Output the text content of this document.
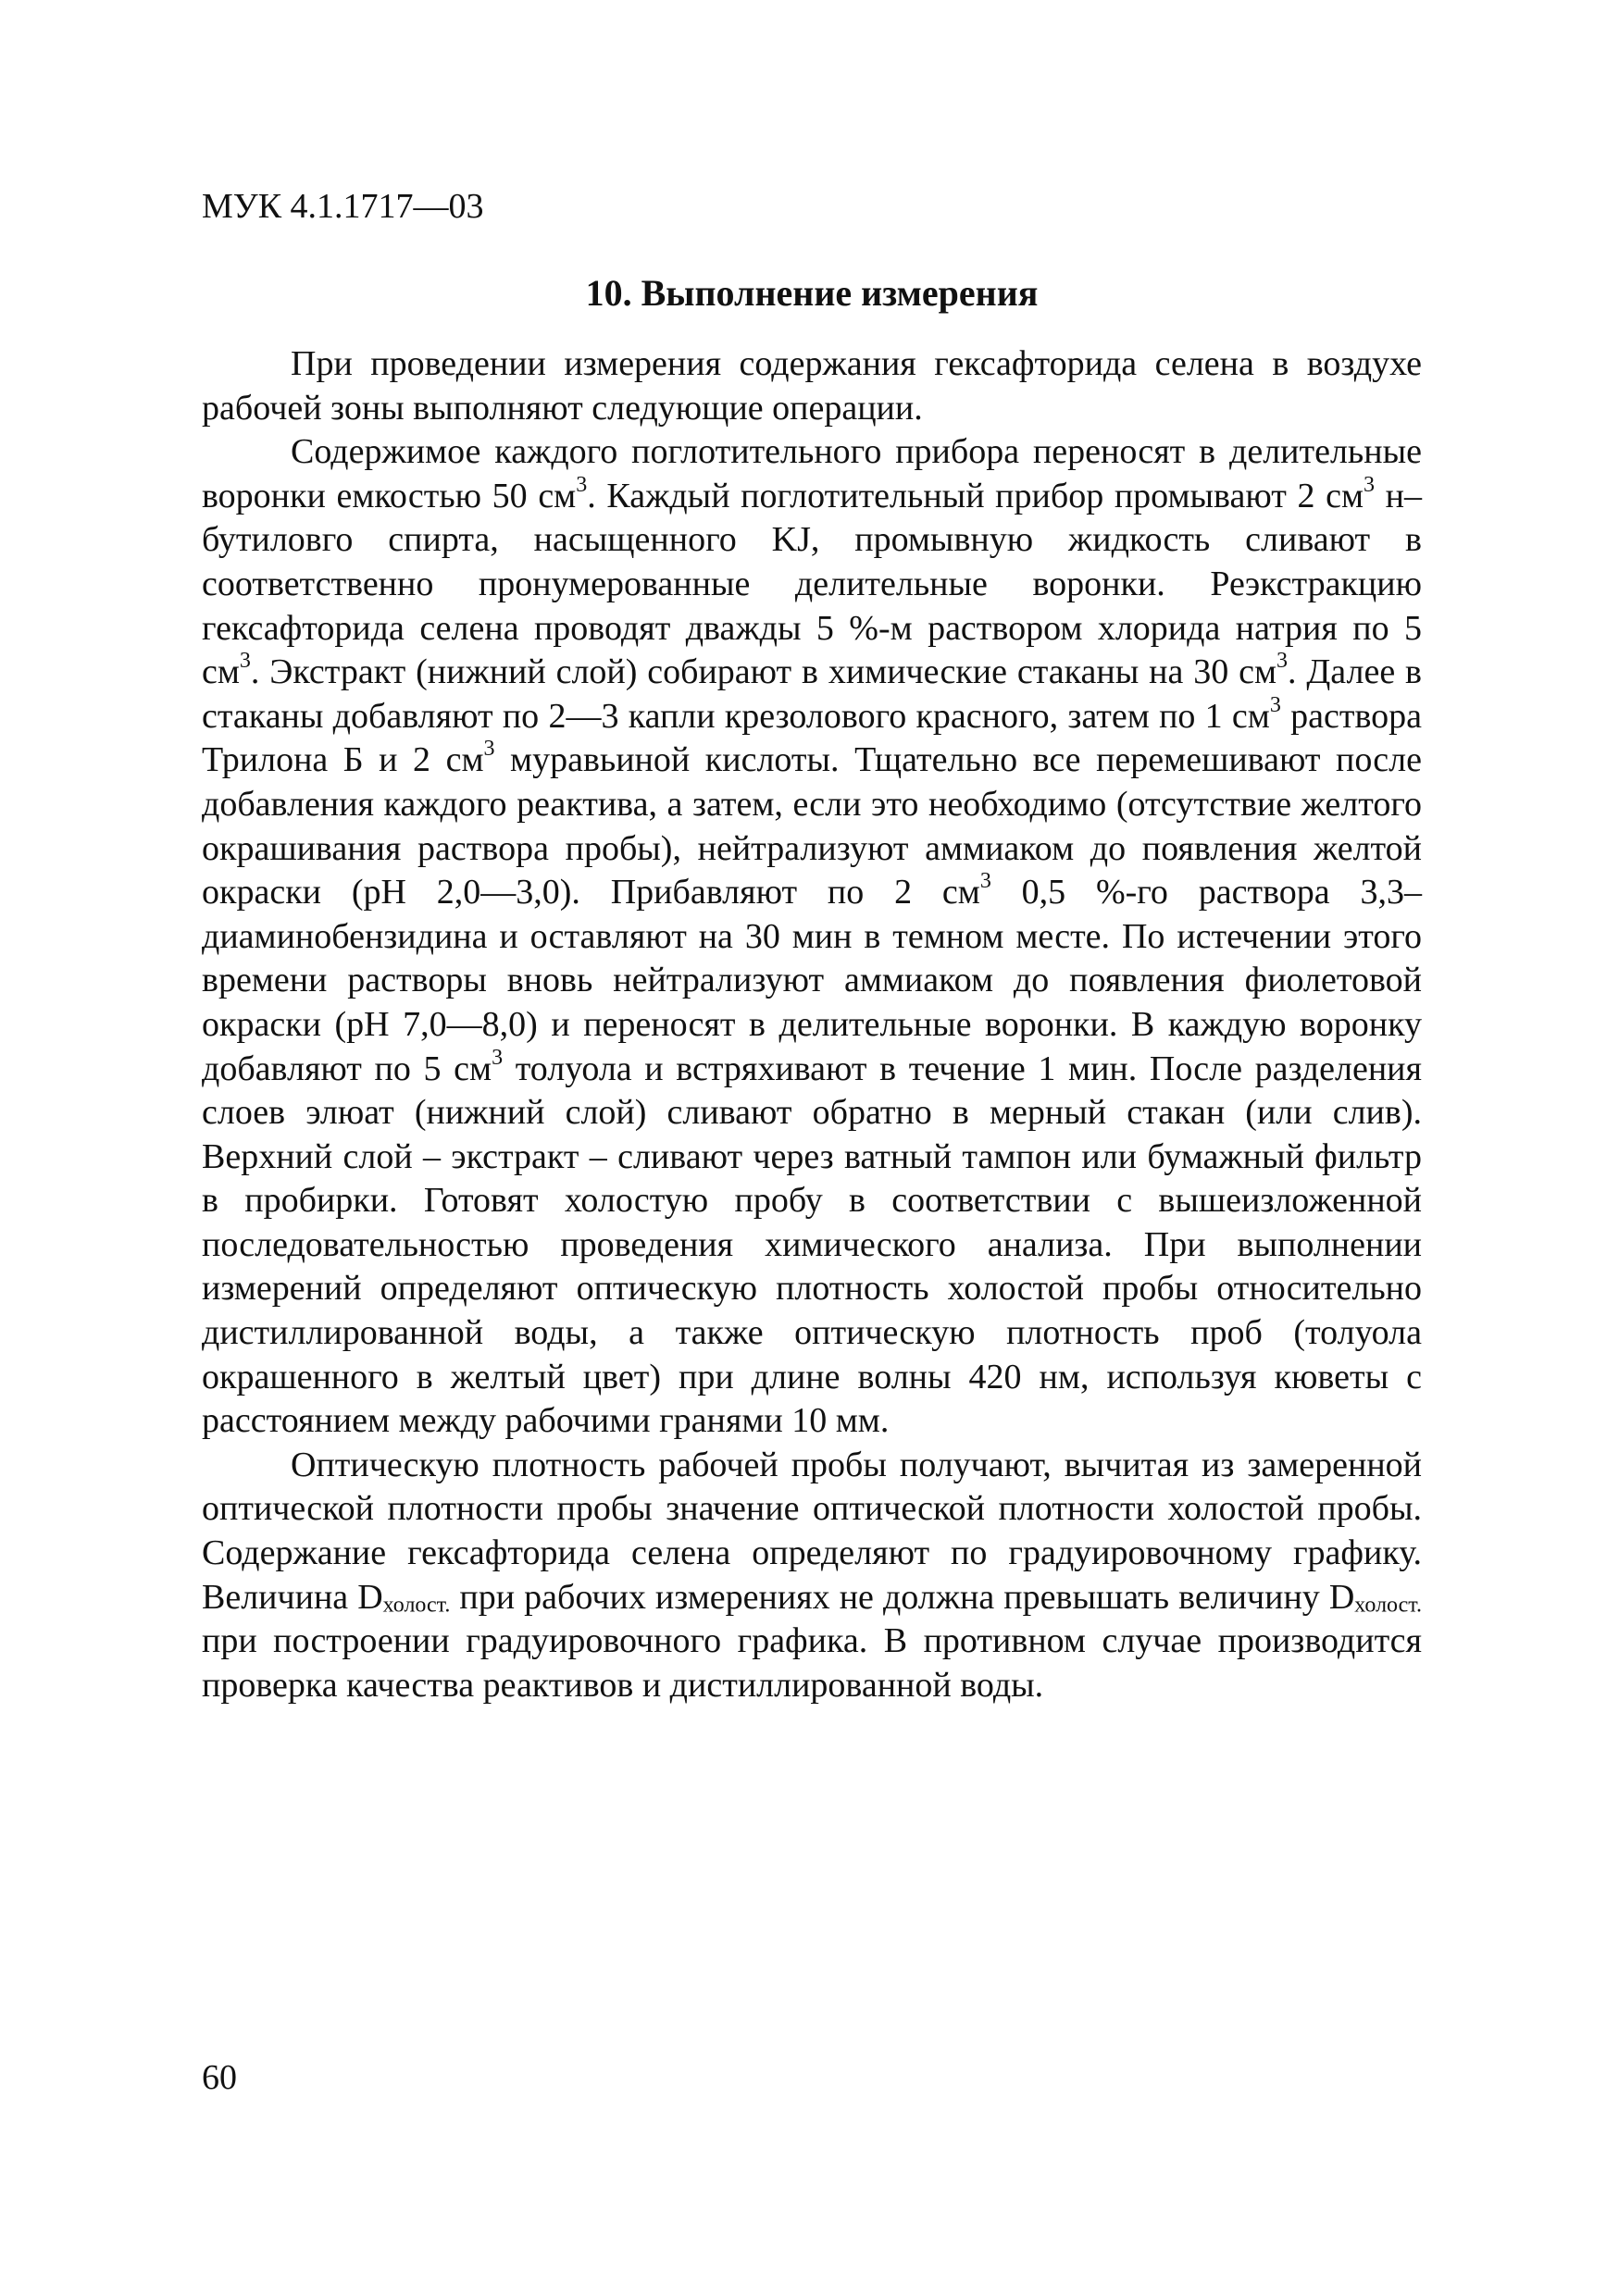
МУК 4.1.1717—03
10. Выполнение измерения

При проведении измерения содержания гексафторида селена в воздухе рабочей зоны выполняют следующие операции.

Содержимое каждого поглотительного прибора переносят в делительные воронки емкостью 50 $см^3$. Каждый поглотительный прибор промывают 2 $см^3$ н–бутиловго спирта, насыщенного KJ, промывную жидкость сливают в соответственно пронумерованные делительные воронки. Реэкстракцию гексафторида селена проводят дважды 5 %-м раствором хлорида натрия по 5 $см^3$. Экстракт (нижний слой) собирают в химические стаканы на 30 $см^3$. Далее в стаканы добавляют по 2—3 капли крезолового красного, затем по 1 $см^3$ раствора Трилона Б и 2 $см^3$ муравьиной кислоты. Тщательно все перемешивают после добавления каждого реактива, а затем, если это необходимо (отсутствие желтого окрашивания раствора пробы), нейтрализуют аммиаком до появления желтой окраски (рН 2,0—3,0). Прибавляют по 2 $см^3$ 0,5 %-го раствора 3,3–диаминобензидина и оставляют на 30 мин в темном месте. По истечении этого времени растворы вновь нейтрализуют аммиаком до появления фиолетовой окраски (рН 7,0—8,0) и переносят в делительные воронки. В каждую воронку добавляют по 5 $см^3$ толуола и встряхивают в течение 1 мин. После разделения слоев элюат (нижний слой) сливают обратно в мерный стакан (или слив). Верхний слой – экстракт – сливают через ватный тампон или бумажный фильтр в пробирки. Готовят холостую пробу в соответствии с вышеизложенной последовательностью проведения химического анализа. При выполнении измерений определяют оптическую плотность холостой пробы относительно дистиллированной воды, а также оптическую плотность проб (толуола окрашенного в желтый цвет) при длине волны 420 нм, используя кюветы с расстоянием между рабочими гранями 10 мм.

Оптическую плотность рабочей пробы получают, вычитая из замеренной оптической плотности пробы значение оптической плотности холостой пробы. Содержание гексафторида селена определяют по градуировочному графику. Величина $D_{холост.}$ при рабочих измерениях не должна превышать величину $D_{холост.}$ при построении градуировочного графика. В противном случае производится проверка качества реактивов и дистиллированной воды.

60
